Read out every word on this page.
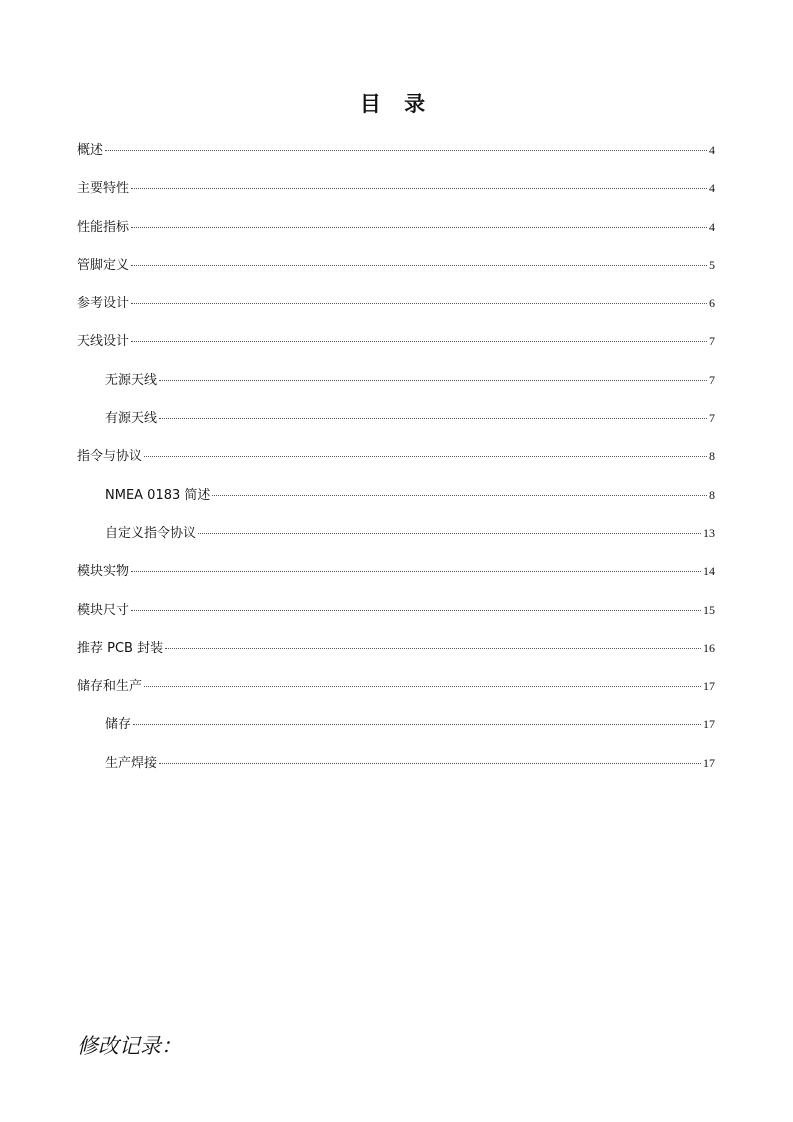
目 录
概述	4
主要特性	4
性能指标	4
管脚定义	5
参考设计	6
天线设计	7
无源天线	7
有源天线	7
指令与协议	8
NMEA 0183 简述	8
自定义指令协议	13
模块实物	14
模块尺寸	15
推荐 PCB 封装	16
储存和生产	17
储存	17
生产焊接	17
修改记录：
